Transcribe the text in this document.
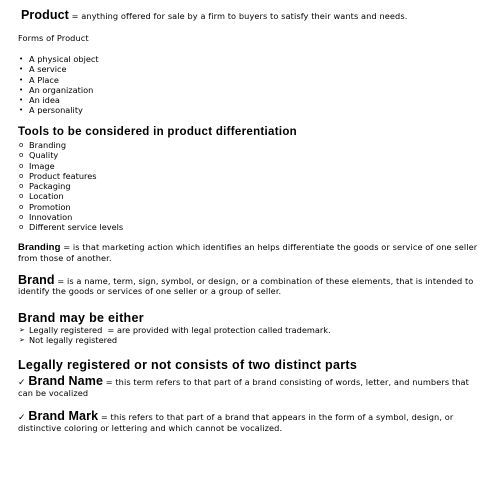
Product = anything offered for sale by a firm to buyers to satisfy their wants and needs.
Forms of Product
• A physical object
• A service
• A Place
• An organization
• An idea
• A personality
Tools to be considered in product differentiation
o Branding
o Quality
o Image
o Product features
o Packaging
o Location
o Promotion
o Innovation
o Different service levels
Branding = is that marketing action which identifies an helps differentiate the goods or service of one seller from those of another.
Brand = is a name, term, sign, symbol, or design, or a combination of these elements, that is intended to identify the goods or services of one seller or a group of seller.
Brand may be either
➢ Legally registered = are provided with legal protection called trademark.
➢ Not legally registered
Legally registered or not consists of two distinct parts
✓ Brand Name = this term refers to that part of a brand consisting of words, letter, and numbers that can be vocalized
✓ Brand Mark = this refers to that part of a brand that appears in the form of a symbol, design, or distinctive coloring or lettering and which cannot be vocalized.
